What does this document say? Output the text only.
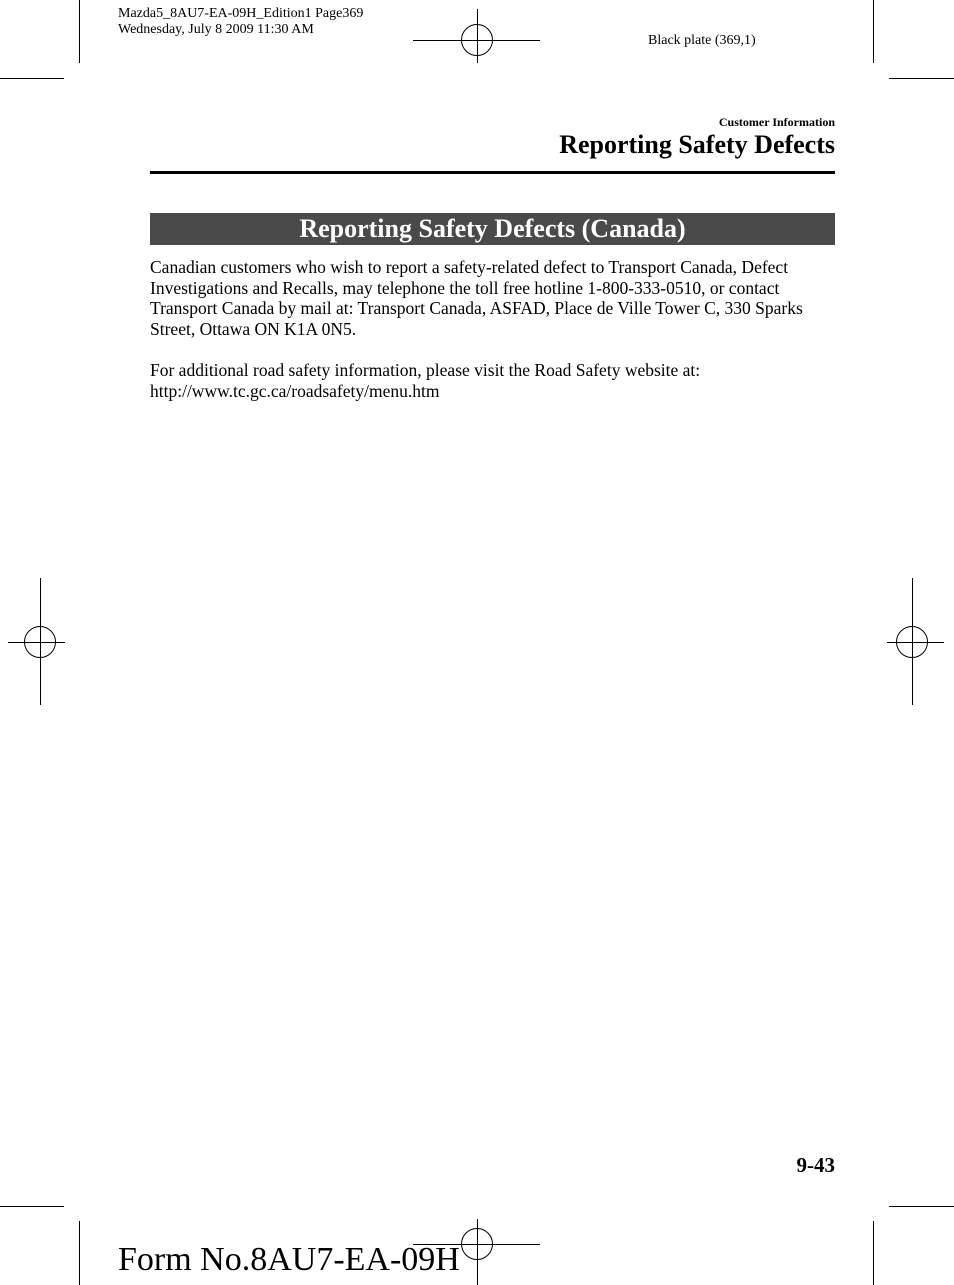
Mazda5_8AU7-EA-09H_Edition1 Page369
Wednesday, July 8 2009 11:30 AM
Black plate (369,1)
Customer Information
Reporting Safety Defects
Reporting Safety Defects (Canada)
Canadian customers who wish to report a safety-related defect to Transport Canada, Defect Investigations and Recalls, may telephone the toll free hotline 1-800-333-0510, or contact Transport Canada by mail at: Transport Canada, ASFAD, Place de Ville Tower C, 330 Sparks Street, Ottawa ON K1A 0N5.
For additional road safety information, please visit the Road Safety website at:
http://www.tc.gc.ca/roadsafety/menu.htm
9-43
Form No.8AU7-EA-09H
